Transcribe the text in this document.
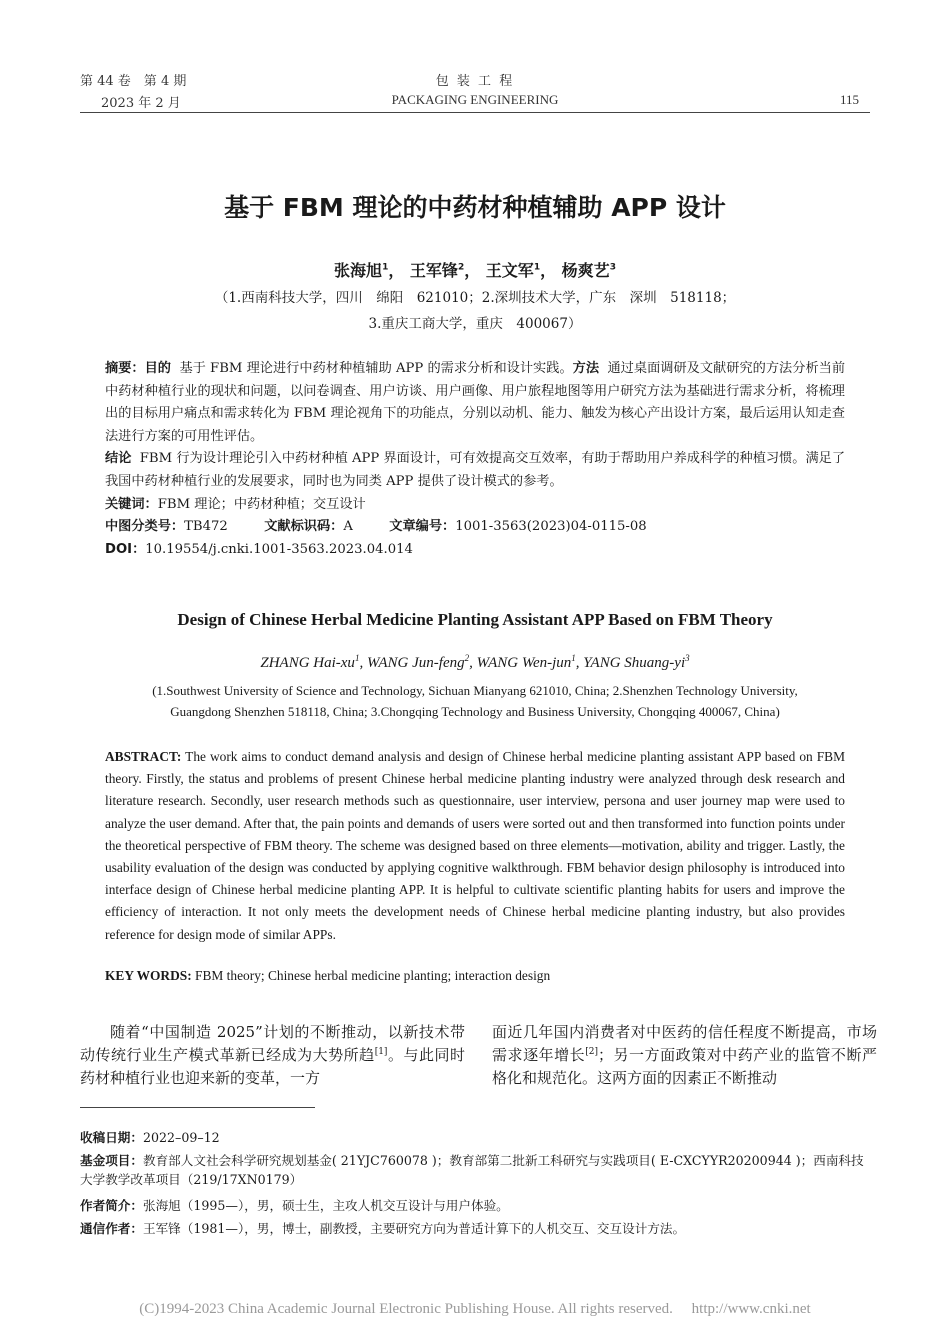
第 44 卷　第 4 期
2023 年 2 月
包 装 工 程
PACKAGING ENGINEERING	115
基于 FBM 理论的中药材种植辅助 APP 设计
张海旭$^1$， 王军锋$^2$， 王文军$^1$， 杨爽艺$^3$
（1.西南科技大学，四川　绵阳　621010；2.深圳技术大学，广东　深圳　518118；
3.重庆工商大学，重庆　400067）
摘要：目的 基于 FBM 理论进行中药材种植辅助 APP 的需求分析和设计实践。方法 通过桌面调研及文献研究的方法分析当前中药材种植行业的现状和问题，以问卷调查、用户访谈、用户画像、用户旅程地图等用户研究方法为基础进行需求分析，将梳理出的目标用户痛点和需求转化为 FBM 理论视角下的功能点，分别以动机、能力、触发为核心产出设计方案，最后运用认知走查法进行方案的可用性评估。
结论 FBM 行为设计理论引入中药材种植 APP 界面设计，可有效提高交互效率，有助于帮助用户养成科学的种植习惯。满足了我国中药材种植行业的发展要求，同时也为同类 APP 提供了设计模式的参考。
关键词：FBM 理论；中药材种植；交互设计
中图分类号：TB472	文献标识码：A	文章编号：1001-3563(2023)04-0115-08
DOI：10.19554/j.cnki.1001-3563.2023.04.014
Design of Chinese Herbal Medicine Planting Assistant APP Based on FBM Theory
ZHANG Hai-$xu^1$, WANG Jun-feng$^2$, WANG Wen-jun$^1$, YANG Shuang-$yi^3$
(1.Southwest University of Science and Technology, Sichuan Mianyang 621010, China; 2.Shenzhen Technology University,
Guangdong Shenzhen 518118, China; 3.Chongqing Technology and Business University, Chongqing 400067, China)
ABSTRACT: The work aims to conduct demand analysis and design of Chinese herbal medicine planting assistant APP based on FBM theory. Firstly, the status and problems of present Chinese herbal medicine planting industry were analyzed through desk research and literature research. Secondly, user research methods such as questionnaire, user interview, persona and user journey map were used to analyze the user demand. After that, the pain points and demands of users were sorted out and then transformed into function points under the theoretical perspective of FBM theory. The scheme was designed based on three elements—motivation, ability and trigger. Lastly, the usability evaluation of the design was conducted by applying cognitive walkthrough. FBM behavior design philosophy is introduced into interface design of Chinese herbal medicine planting APP. It is helpful to cultivate scientific planting habits for users and improve the efficiency of interaction. It not only meets the development needs of Chinese herbal medicine planting industry, but also provides reference for design mode of similar APPs.
KEY WORDS: FBM theory; Chinese herbal medicine planting; interaction design
随着“中国制造 2025”计划的不断推动，以新技术带动传统行业生产模式革新已经成为大势所趋[1]。与此同时药材种植行业也迎来新的变革，一方
面近几年国内消费者对中医药的信任程度不断提高，市场需求逐年增长[2]；另一方面政策对中药产业的监管不断严格化和规范化。这两方面的因素正不断推动
收稿日期：2022–09–12
基金项目：教育部人文社会科学研究规划基金( 21YJC760078 )；教育部第二批新工科研究与实践项目( E-CXCYYR20200944 )；西南科技大学教学改革项目（219/17XN0179）
作者简介：张海旭（1995—），男，硕士生，主攻人机交互设计与用户体验。
通信作者：王军锋（1981—），男，博士，副教授，主要研究方向为普适计算下的人机交互、交互设计方法。
(C)1994-2023 China Academic Journal Electronic Publishing House. All rights reserved.　 http://www.cnki.net
